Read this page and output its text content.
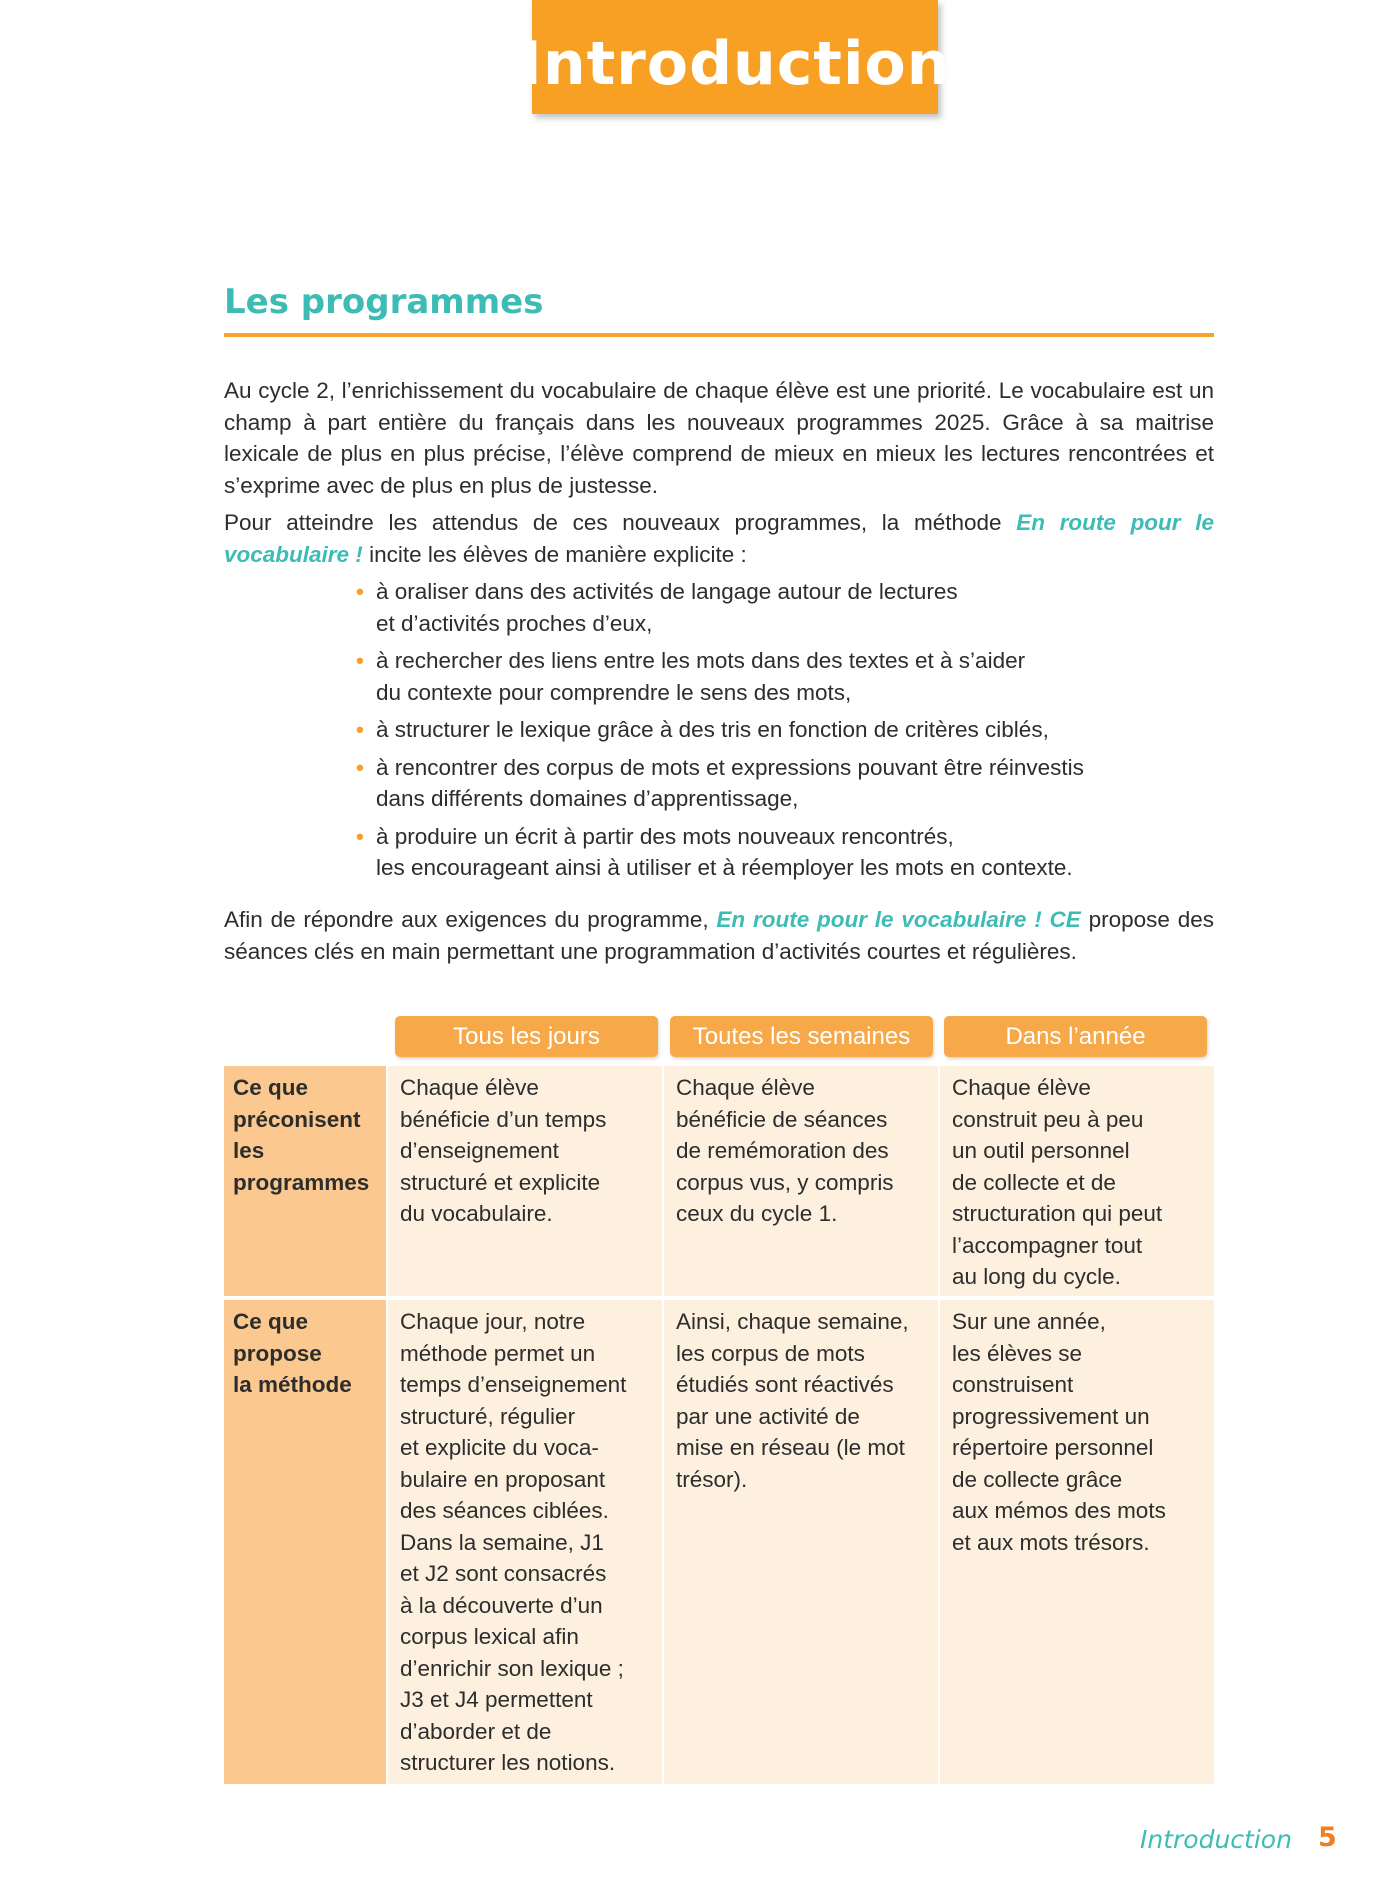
Introduction
Les programmes
Au cycle 2, l’enrichissement du vocabulaire de chaque élève est une priorité. Le vocabulaire est un champ à part entière du français dans les nouveaux programmes 2025. Grâce à sa maitrise lexicale de plus en plus précise, l’élève comprend de mieux en mieux les lectures rencontrées et s’exprime avec de plus en plus de justesse.
Pour atteindre les attendus de ces nouveaux programmes, la méthode En route pour le vocabulaire ! incite les élèves de manière explicite :
• à oraliser dans des activités de langage autour de lectures
et d’activités proches d’eux,
• à rechercher des liens entre les mots dans des textes et à s’aider
du contexte pour comprendre le sens des mots,
• à structurer le lexique grâce à des tris en fonction de critères ciblés,
• à rencontrer des corpus de mots et expressions pouvant être réinvestis
dans différents domaines d’apprentissage,
• à produire un écrit à partir des mots nouveaux rencontrés,
les encourageant ainsi à utiliser et à réemployer les mots en contexte.
Afin de répondre aux exigences du programme, En route pour le vocabulaire ! CE propose des séances clés en main permettant une programmation d’activités courtes et régulières.
Tous les jours	Toutes les semaines	Dans l’année
Ce que
préconisent
les
programmes
Chaque élève
bénéficie d’un temps
d’enseignement
structuré et explicite
du vocabulaire.
Chaque élève
bénéficie de séances
de remémoration des
corpus vus, y compris
ceux du cycle 1.
Chaque élève
construit peu à peu
un outil personnel
de collecte et de
structuration qui peut
l’accompagner tout
au long du cycle.
Ce que
propose
la méthode
Chaque jour, notre
méthode permet un
temps d’enseignement
structuré, régulier
et explicite du voca-
bulaire en proposant
des séances ciblées.
Dans la semaine, J1
et J2 sont consacrés
à la découverte d’un
corpus lexical afin
d’enrichir son lexique ;
J3 et J4 permettent
d’aborder et de
structurer les notions.
Ainsi, chaque semaine,
les corpus de mots
étudiés sont réactivés
par une activité de
mise en réseau (le mot
trésor).
Sur une année,
les élèves se
construisent
progressivement un
répertoire personnel
de collecte grâce
aux mémos des mots
et aux mots trésors.
Introduction 5
